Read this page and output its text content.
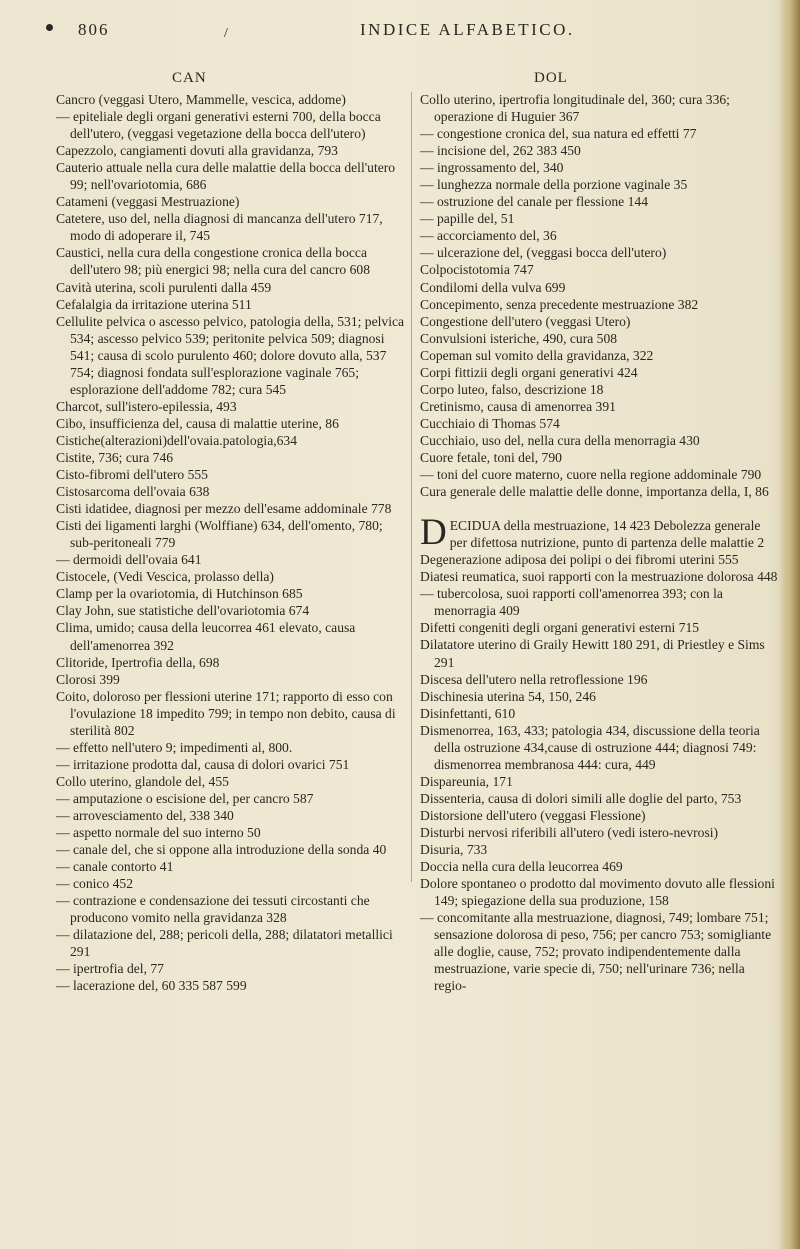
806	/	INDICE ALFABETICO.
CAN	DOL
Cancro (veggasi Utero, Mammelle, vescica, addome)
— epiteliale degli organi generativi esterni 700, della bocca dell'utero, (veggasi vegetazione della bocca dell'utero)
Capezzolo, cangiamenti dovuti alla gravidanza, 793
Cauterio attuale nella cura delle malattie della bocca dell'utero 99; nell'ovariotomia, 686
Catameni (veggasi Mestruazione)
Catetere, uso del, nella diagnosi di mancanza dell'utero 717, modo di adoperare il, 745
Caustici, nella cura della congestione cronica della bocca dell'utero 98; più energici 98; nella cura del cancro 608
Cavità uterina, scoli purulenti dalla 459
Cefalalgia da irritazione uterina 511
Cellulite pelvica o ascesso pelvico, patologia della, 531; pelvica 534; ascesso pelvico 539; peritonite pelvica 509; diagnosi 541; causa di scolo purulento 460; dolore dovuto alla, 537 754; diagnosi fondata sull'esplorazione vaginale 765; esplorazione dell'addome 782; cura 545
Charcot, sull'istero-epilessia, 493
Cibo, insufficienza del, causa di malattie uterine, 86
Cistiche(alterazioni)dell'ovaia.patologia,634
Cistite, 736; cura 746
Cisto-fibromi dell'utero 555
Cistosarcoma dell'ovaia 638
Cisti idatidee, diagnosi per mezzo dell'esame addominale 778
Cisti dei ligamenti larghi (Wolffiane) 634, dell'omento, 780; sub-peritoneali 779
— dermoidi dell'ovaia 641
Cistocele, (Vedi Vescica, prolasso della)
Clamp per la ovariotomia, di Hutchinson 685
Clay John, sue statistiche dell'ovariotomia 674
Clima, umido; causa della leucorrea 461 elevato, causa dell'amenorrea 392
Clitoride, Ipertrofia della, 698
Clorosi 399
Coito, doloroso per flessioni uterine 171; rapporto di esso con l'ovulazione 18 impedito 799; in tempo non debito, causa di sterilità 802
— effetto nell'utero 9; impedimenti al, 800.
— irritazione prodotta dal, causa di dolori ovarici 751
Collo uterino, glandole del, 455
— amputazione o escisione del, per cancro 587
— arrovesciamento del, 338 340
— aspetto normale del suo interno 50
— canale del, che si oppone alla introduzione della sonda 40
— canale contorto 41
— conico 452
— contrazione e condensazione dei tessuti circostanti che producono vomito nella gravidanza 328
— dilatazione del, 288; pericoli della, 288; dilatatori metallici 291
— ipertrofia del, 77
— lacerazione del, 60 335 587 599
Collo uterino, ipertrofia longitudinale del, 360; cura 336; operazione di Huguier 367
— congestione cronica del, sua natura ed effetti 77
— incisione del, 262 383 450
— ingrossamento del, 340
— lunghezza normale della porzione vaginale 35
— ostruzione del canale per flessione 144
— papille del, 51
— accorciamento del, 36
— ulcerazione del, (veggasi bocca dell'utero)
Colpocistotomia 747
Condilomi della vulva 699
Concepimento, senza precedente mestruazione 382
Congestione dell'utero (veggasi Utero)
Convulsioni isteriche, 490, cura 508
Copeman sul vomito della gravidanza, 322
Corpi fittizii degli organi generativi 424
Corpo luteo, falso, descrizione 18
Cretinismo, causa di amenorrea 391
Cucchiaio di Thomas 574
Cucchiaio, uso del, nella cura della menorragia 430
Cuore fetale, toni del, 790
— toni del cuore materno, cuore nella regione addominale 790
Cura generale delle malattie delle donne, importanza della, I, 86
DECIDUA della mestruazione, 14 423 Debolezza generale per difettosa nutrizione, punto di partenza delle malattie 2
Degenerazione adiposa dei polipi o dei fibromi uterini 555
Diatesi reumatica, suoi rapporti con la mestruazione dolorosa 448
— tubercolosa, suoi rapporti coll'amenorrea 393; con la menorragia 409
Difetti congeniti degli organi generativi esterni 715
Dilatatore uterino di Graily Hewitt 180 291, di Priestley e Sims 291
Discesa dell'utero nella retroflessione 196
Dischinesia uterina 54, 150, 246
Disinfettanti, 610
Dismenorrea, 163, 433; patologia 434, discussione della teoria della ostruzione 434,cause di ostruzione 444; diagnosi 749: dismenorrea membranosa 444: cura, 449
Dispareunia, 171
Dissenteria, causa di dolori simili alle doglie del parto, 753
Distorsione dell'utero (veggasi Flessione)
Disturbi nervosi riferibili all'utero (vedi istero-nevrosi)
Disuria, 733
Doccia nella cura della leucorrea 469
Dolore spontaneo o prodotto dal movimento dovuto alle flessioni 149; spiegazione della sua produzione, 158
— concomitante alla mestruazione, diagnosi, 749; lombare 751; sensazione dolorosa di peso, 756; per cancro 753; somigliante alle doglie, cause, 752; provato indipendentemente dalla mestruazione, varie specie di, 750; nell'urinare 736; nella regio-
